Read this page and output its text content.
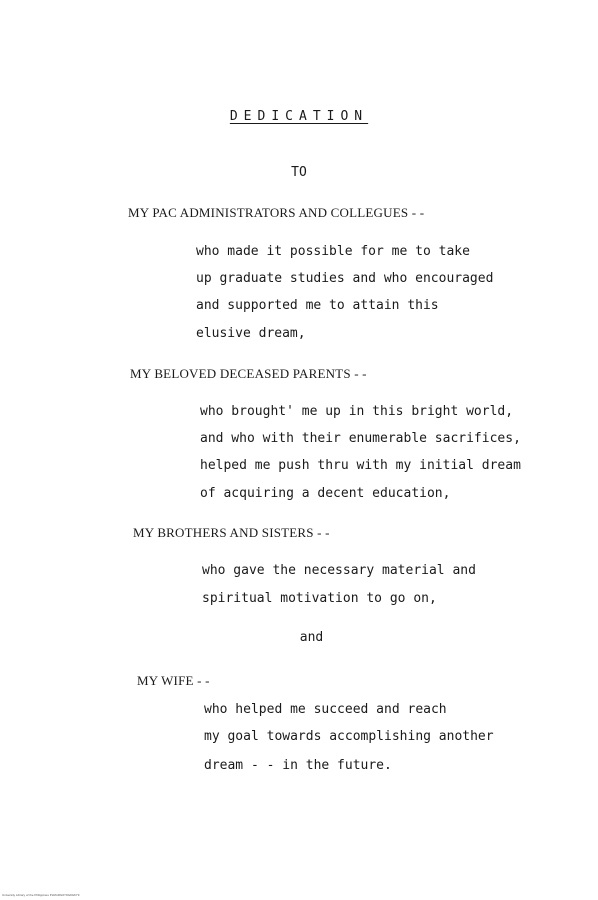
DEDICATION
TO
MY PAC ADMINISTRATORS AND COLLEGUES - -
who made it possible for me to take
up graduate studies and who encouraged
and supported me to attain this
elusive dream,
MY BELOVED DECEASED PARENTS - -
who brought' me up in this bright world,
and who with their enumerable sacrifices,
helped me push thru with my initial dream
of acquiring a decent education,
MY BROTHERS AND SISTERS - -
who gave the necessary material and
spiritual motivation to go on,
and
MY WIFE - -
who helped me succeed and reach
my goal towards accomplishing another
dream - - in the future.
University Library of the Philippines PLRGRG6Y9G9G6Y9
